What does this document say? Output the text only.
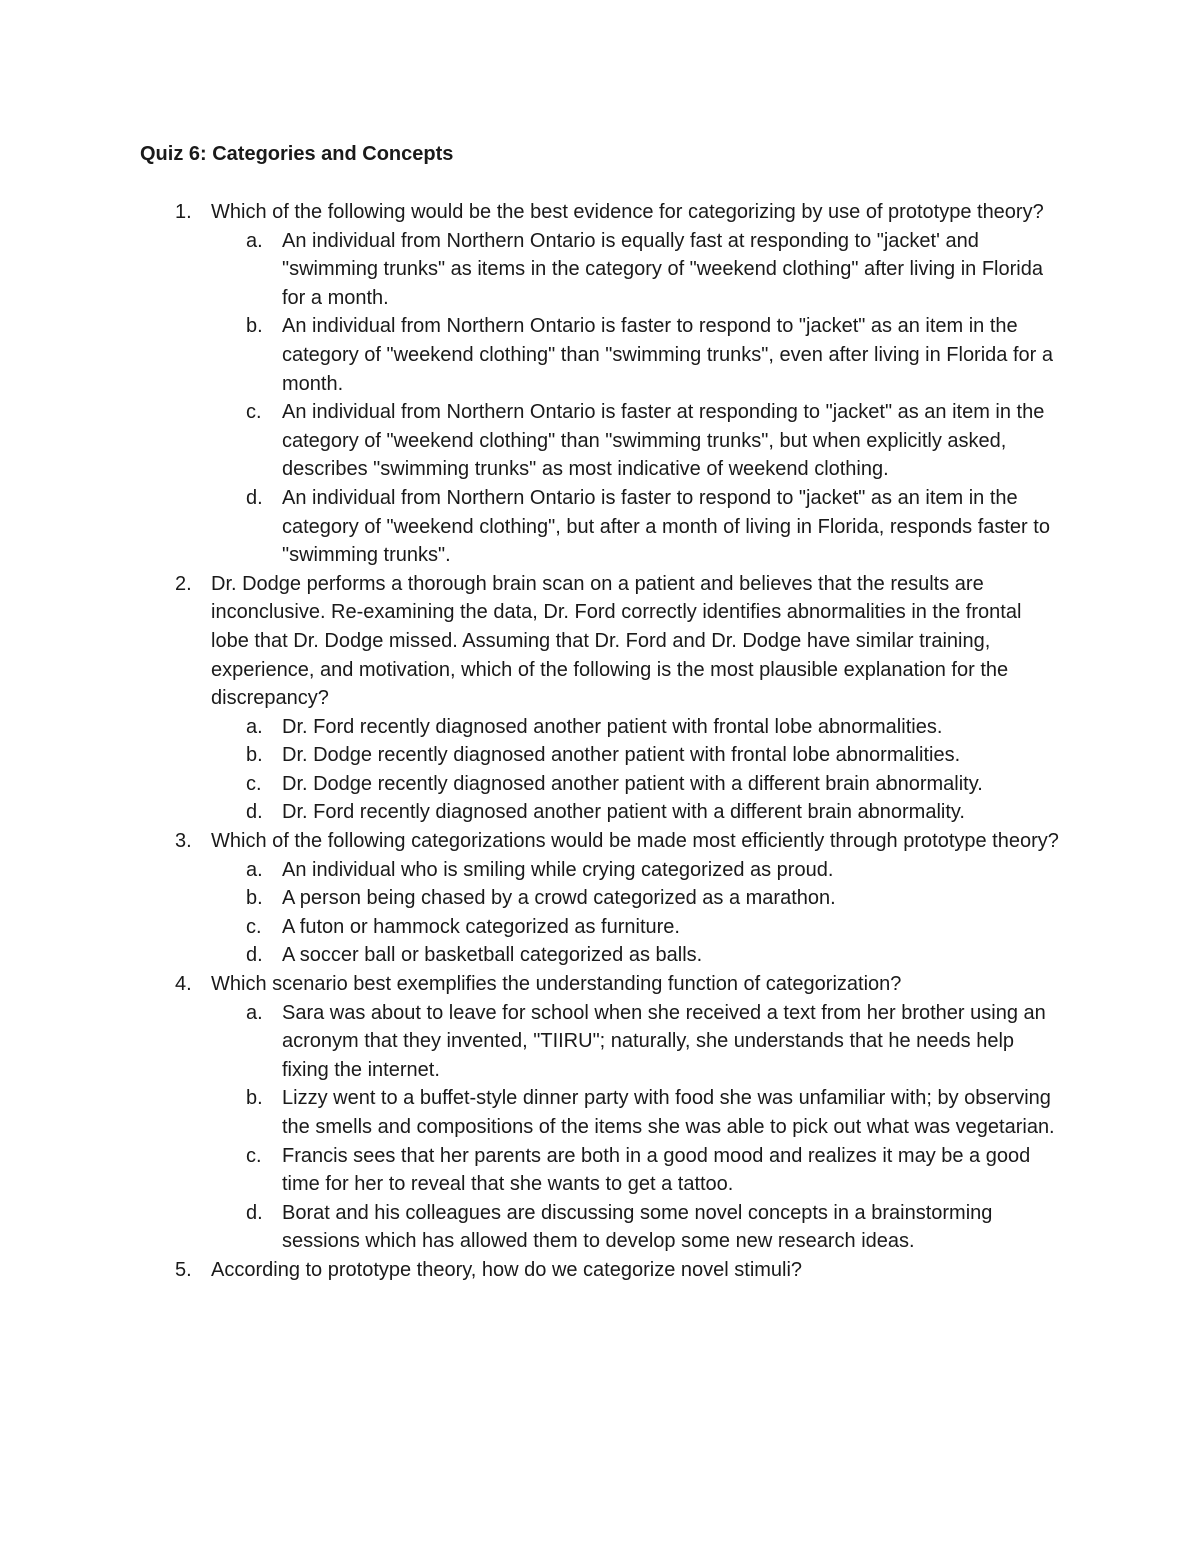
Quiz 6: Categories and Concepts
1. Which of the following would be the best evidence for categorizing by use of prototype theory?
a. An individual from Northern Ontario is equally fast at responding to "jacket' and "swimming trunks" as items in the category of "weekend clothing" after living in Florida for a month.
b. An individual from Northern Ontario is faster to respond to "jacket" as an item in the category of "weekend clothing" than "swimming trunks", even after living in Florida for a month.
c. An individual from Northern Ontario is faster at responding to "jacket" as an item in the category of "weekend clothing" than "swimming trunks", but when explicitly asked, describes "swimming trunks" as most indicative of weekend clothing.
d. An individual from Northern Ontario is faster to respond to "jacket" as an item in the category of "weekend clothing", but after a month of living in Florida, responds faster to "swimming trunks".
2. Dr. Dodge performs a thorough brain scan on a patient and believes that the results are inconclusive. Re-examining the data, Dr. Ford correctly identifies abnormalities in the frontal lobe that Dr. Dodge missed. Assuming that Dr. Ford and Dr. Dodge have similar training, experience, and motivation, which of the following is the most plausible explanation for the discrepancy?
a. Dr. Ford recently diagnosed another patient with frontal lobe abnormalities.
b. Dr. Dodge recently diagnosed another patient with frontal lobe abnormalities.
c. Dr. Dodge recently diagnosed another patient with a different brain abnormality.
d. Dr. Ford recently diagnosed another patient with a different brain abnormality.
3. Which of the following categorizations would be made most efficiently through prototype theory?
a. An individual who is smiling while crying categorized as proud.
b. A person being chased by a crowd categorized as a marathon.
c. A futon or hammock categorized as furniture.
d. A soccer ball or basketball categorized as balls.
4. Which scenario best exemplifies the understanding function of categorization?
a. Sara was about to leave for school when she received a text from her brother using an acronym that they invented, "TIIRU"; naturally, she understands that he needs help fixing the internet.
b. Lizzy went to a buffet-style dinner party with food she was unfamiliar with; by observing the smells and compositions of the items she was able to pick out what was vegetarian.
c. Francis sees that her parents are both in a good mood and realizes it may be a good time for her to reveal that she wants to get a tattoo.
d. Borat and his colleagues are discussing some novel concepts in a brainstorming sessions which has allowed them to develop some new research ideas.
5. According to prototype theory, how do we categorize novel stimuli?
